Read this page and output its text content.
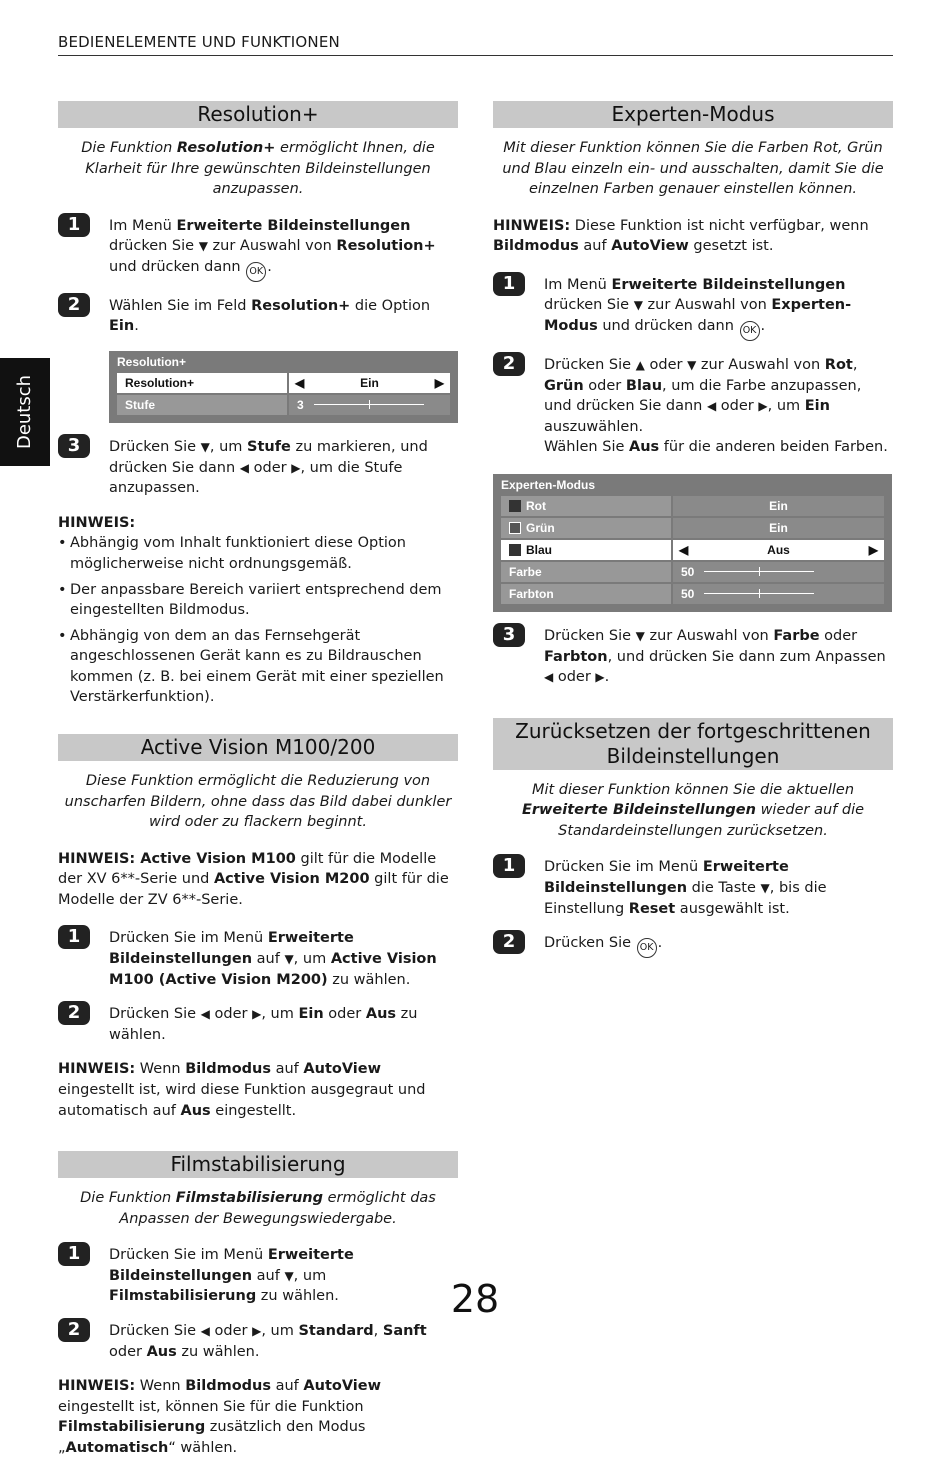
BEDIENELEMENTE UND FUNKTIONEN
Deutsch
Resolution+

Die Funktion Resolution+ ermöglicht Ihnen, die Klarheit für Ihre gewünschten Bildeinstellungen anzupassen.

1	Im Menü Erweiterte Bildeinstellungen drücken Sie ▼ zur Auswahl von Resolution+ und drücken dann OK .
2	Wählen Sie im Feld Resolution+ die Option Ein.
Resolution+
Resolution+	◀	Ein	▶
Stufe	3
3	Drücken Sie ▼, um Stufe zu markieren, und drücken Sie dann ◀ oder ▶, um die Stufe anzupassen.
HINWEIS:
• Abhängig vom Inhalt funktioniert diese Option möglicherweise nicht ordnungsgemäß.
• Der anpassbare Bereich variiert entsprechend dem eingestellten Bildmodus.
• Abhängig von dem an das Fernsehgerät angeschlossenen Gerät kann es zu Bildrauschen kommen (z. B. bei einem Gerät mit einer speziellen Verstärkerfunktion).
Active Vision M100/200

Diese Funktion ermöglicht die Reduzierung von unscharfen Bildern, ohne dass das Bild dabei dunkler wird oder zu flackern beginnt.

HINWEIS: Active Vision M100 gilt für die Modelle der XV 6**-Serie und Active Vision M200 gilt für die Modelle der ZV 6**-Serie.

1	Drücken Sie im Menü Erweiterte Bildeinstellungen auf ▼, um Active Vision M100 (Active Vision M200) zu wählen.
2	Drücken Sie ◀ oder ▶, um Ein oder Aus zu wählen.

HINWEIS: Wenn Bildmodus auf AutoView eingestellt ist, wird diese Funktion ausgegraut und automatisch auf Aus eingestellt.

Filmstabilisierung

Die Funktion Filmstabilisierung ermöglicht das Anpassen der Bewegungswiedergabe.

1	Drücken Sie im Menü Erweiterte Bildeinstellungen auf ▼, um Filmstabilisierung zu wählen.
2	Drücken Sie ◀ oder ▶, um Standard, Sanft oder Aus zu wählen.

HINWEIS: Wenn Bildmodus auf AutoView eingestellt ist, können Sie für die Funktion Filmstabilisierung zusätzlich den Modus „Automatisch“ wählen.

Experten-Modus

Mit dieser Funktion können Sie die Farben Rot, Grün und Blau einzeln ein- und ausschalten, damit Sie die einzelnen Farben genauer einstellen können.

HINWEIS: Diese Funktion ist nicht verfügbar, wenn Bildmodus auf AutoView gesetzt ist.

1	Im Menü Erweiterte Bildeinstellungen drücken Sie ▼ zur Auswahl von Experten-Modus und drücken dann OK .
2	Drücken Sie ▲ oder ▼ zur Auswahl von Rot, Grün oder Blau, um die Farbe anzupassen, und drücken Sie dann ◀ oder ▶, um Ein auszuwählen.
Wählen Sie Aus für die anderen beiden Farben.
Experten-Modus
Rot	Ein
Grün	Ein
Blau	◀	Aus	▶
Farbe	50
Farbton	50
3	Drücken Sie ▼ zur Auswahl von Farbe oder Farbton, und drücken Sie dann zum Anpassen ◀ oder ▶.
Zurücksetzen der fortgeschrittenen Bildeinstellungen

Mit dieser Funktion können Sie die aktuellen Erweiterte Bildeinstellungen wieder auf die Standardeinstellungen zurücksetzen.

1	Drücken Sie im Menü Erweiterte Bildeinstellungen die Taste ▼, bis die Einstellung Reset ausgewählt ist.
2	Drücken Sie OK .
28
